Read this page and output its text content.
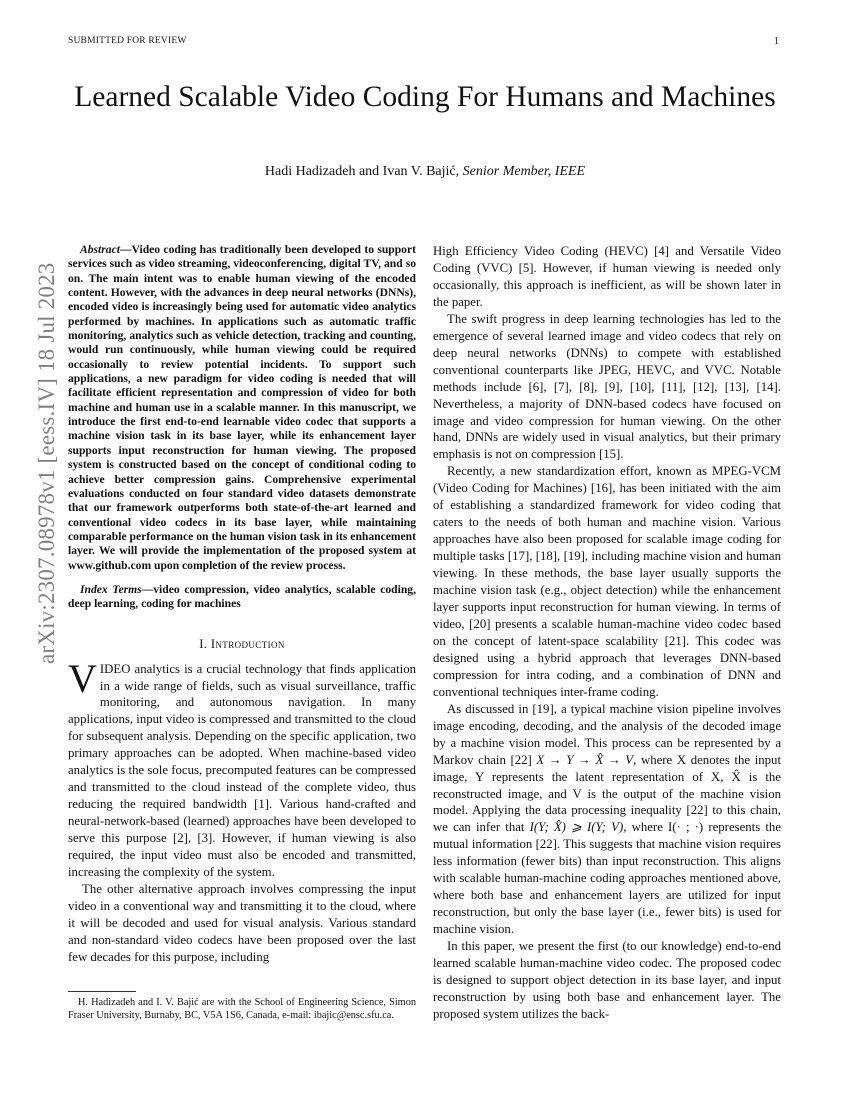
SUBMITTED FOR REVIEW	1
arXiv:2307.08978v1 [eess.IV] 18 Jul 2023
Learned Scalable Video Coding For Humans and Machines
Hadi Hadizadeh and Ivan V. Bajić, Senior Member, IEEE

Abstract—Video coding has traditionally been developed to support services such as video streaming, videoconferencing, digital TV, and so on. The main intent was to enable human viewing of the encoded content. However, with the advances in deep neural networks (DNNs), encoded video is increasingly being used for automatic video analytics performed by machines. In applications such as automatic traffic monitoring, analytics such as vehicle detection, tracking and counting, would run continuously, while human viewing could be required occasionally to review potential incidents. To support such applications, a new paradigm for video coding is needed that will facilitate efficient representation and compression of video for both machine and human use in a scalable manner. In this manuscript, we introduce the first end-to-end learnable video codec that supports a machine vision task in its base layer, while its enhancement layer supports input reconstruction for human viewing. The proposed system is constructed based on the concept of conditional coding to achieve better compression gains. Comprehensive experimental evaluations conducted on four standard video datasets demonstrate that our framework outperforms both state-of-the-art learned and conventional video codecs in its base layer, while maintaining comparable performance on the human vision task in its enhancement layer. We will provide the implementation of the proposed system at www.github.com upon completion of the review process.

Index Terms—video compression, video analytics, scalable coding, deep learning, coding for machines

I. Introduction

VIDEO analytics is a crucial technology that finds application in a wide range of fields, such as visual surveillance, traffic monitoring, and autonomous navigation. In many applications, input video is compressed and transmitted to the cloud for subsequent analysis. Depending on the specific application, two primary approaches can be adopted. When machine-based video analytics is the sole focus, precomputed features can be compressed and transmitted to the cloud instead of the complete video, thus reducing the required bandwidth [1]. Various hand-crafted and neural-network-based (learned) approaches have been developed to serve this purpose [2], [3]. However, if human viewing is also required, the input video must also be encoded and transmitted, increasing the complexity of the system.

The other alternative approach involves compressing the input video in a conventional way and transmitting it to the cloud, where it will be decoded and used for visual analysis. Various standard and non-standard video codecs have been proposed over the last few decades for this purpose, including

High Efficiency Video Coding (HEVC) [4] and Versatile Video Coding (VVC) [5]. However, if human viewing is needed only occasionally, this approach is inefficient, as will be shown later in the paper.

The swift progress in deep learning technologies has led to the emergence of several learned image and video codecs that rely on deep neural networks (DNNs) to compete with established conventional counterparts like JPEG, HEVC, and VVC. Notable methods include [6], [7], [8], [9], [10], [11], [12], [13], [14]. Nevertheless, a majority of DNN-based codecs have focused on image and video compression for human viewing. On the other hand, DNNs are widely used in visual analytics, but their primary emphasis is not on compression [15].

Recently, a new standardization effort, known as MPEG-VCM (Video Coding for Machines) [16], has been initiated with the aim of establishing a standardized framework for video coding that caters to the needs of both human and machine vision. Various approaches have also been proposed for scalable image coding for multiple tasks [17], [18], [19], including machine vision and human viewing. In these methods, the base layer usually supports the machine vision task (e.g., object detection) while the enhancement layer supports input reconstruction for human viewing. In terms of video, [20] presents a scalable human-machine video codec based on the concept of latent-space scalability [21]. This codec was designed using a hybrid approach that leverages DNN-based compression for intra coding, and a combination of DNN and conventional techniques inter-frame coding.

As discussed in [19], a typical machine vision pipeline involves image encoding, decoding, and the analysis of the decoded image by a machine vision model. This process can be represented by a Markov chain [22] X → Y → X̂ → V, where X denotes the input image, Y represents the latent representation of X, X̂ is the reconstructed image, and V is the output of the machine vision model. Applying the data processing inequality [22] to this chain, we can infer that I(Y; X̂) ⩾ I(Y; V), where I(· ; ·) represents the mutual information [22]. This suggests that machine vision requires less information (fewer bits) than input reconstruction. This aligns with scalable human-machine coding approaches mentioned above, where both base and enhancement layers are utilized for input reconstruction, but only the base layer (i.e., fewer bits) is used for machine vision.

In this paper, we present the first (to our knowledge) end-to-end learned scalable human-machine video codec. The proposed codec is designed to support object detection in its base layer, and input reconstruction by using both base and enhancement layer. The proposed system utilizes the back-

H. Hadizadeh and I. V. Bajić are with the School of Engineering Science, Simon Fraser University, Burnaby, BC, V5A 1S6, Canada, e-mail: ibajic@ensc.sfu.ca.
